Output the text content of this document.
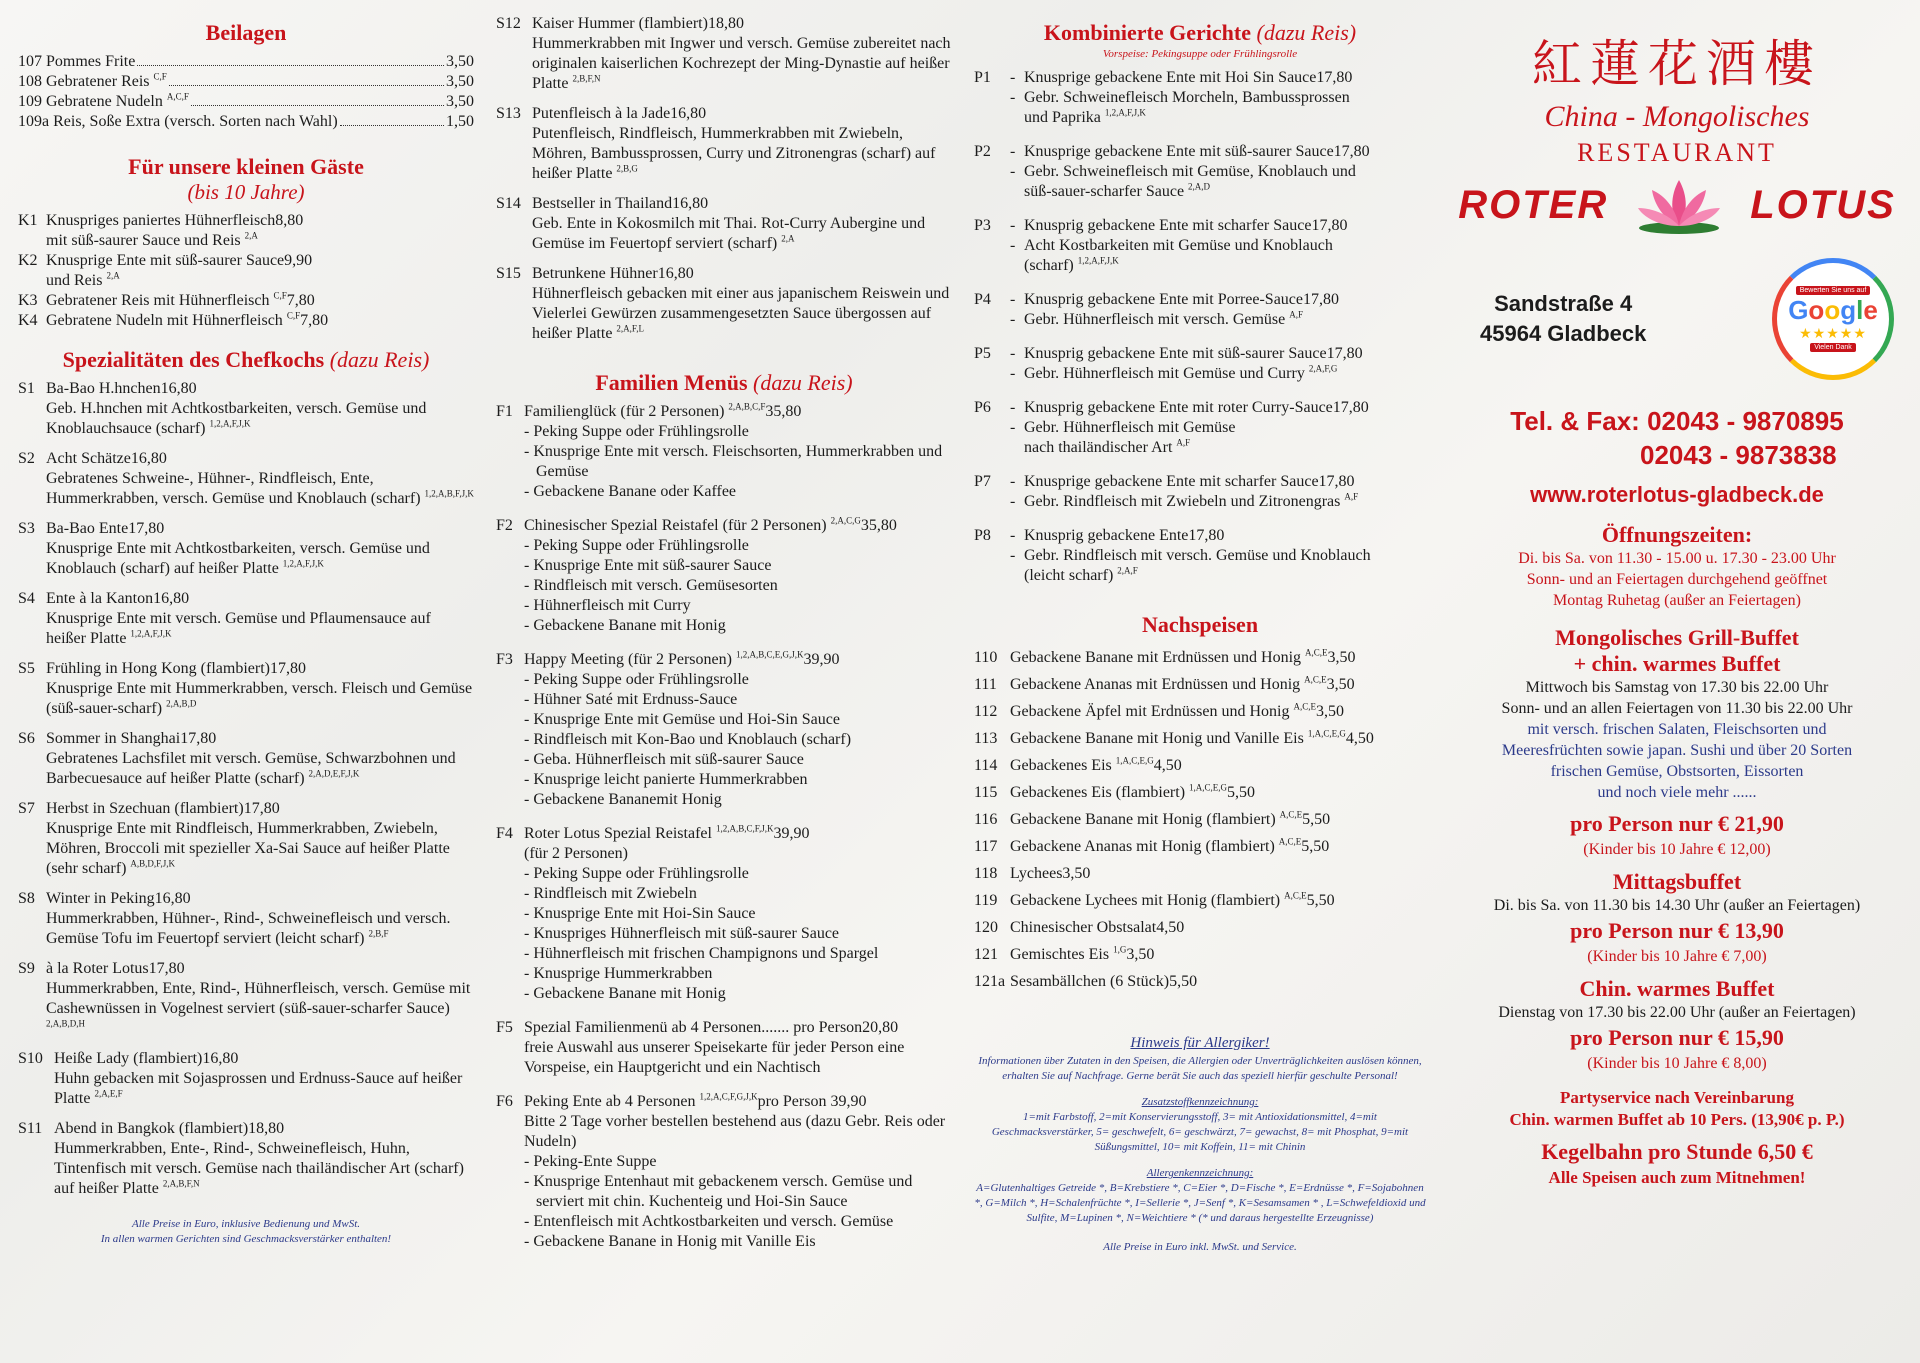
Beilagen
107 Pommes Frite	3,50
108 Gebratener Reis $^{C,F}$	3,50
109 Gebratene Nudeln $^{A,C,F}$	3,50
109a Reis, Soße Extra (versch. Sorten nach Wahl)	1,50
Für unsere kleinen Gäste
(bis 10 Jahre)
K1 Knuspriges paniertes Hühnerfleisch 8,80
mit süß-saurer Sauce und Reis $^{2,A}$
K2 Knusprige Ente mit süß-saurer Sauce 9,90
und Reis $^{2,A}$
K3 Gebratener Reis mit Hühnerfleisch $^{C,F}$ 7,80
K4 Gebratene Nudeln mit Hühnerfleisch $^{C,F}$ 7,80
Spezialitäten des Chefkochs (dazu Reis)
S1 Ba-Bao H.hnchen 16,80
Geb. H.hnchen mit Achtkostbarkeiten, versch. Gemüse und Knoblauchsauce (scharf) $^{1,2,A,F,J,K}$
S2 Acht Schätze 16,80
Gebratenes Schweine-, Hühner-, Rindfleisch, Ente, Hummerkrabben, versch. Gemüse und Knoblauch (scharf) $^{1,2,A,B,F,J,K}$
S3 Ba-Bao Ente 17,80
Knusprige Ente mit Achtkostbarkeiten, versch. Gemüse und Knoblauch (scharf) auf heißer Platte $^{1,2,A,F,J,K}$
S4 Ente à la Kanton 16,80
Knusprige Ente mit versch. Gemüse und Pflaumensauce auf heißer Platte $^{1,2,A,F,J,K}$
S5 Frühling in Hong Kong (flambiert) 17,80
Knusprige Ente mit Hummerkrabben, versch. Fleisch und Gemüse (süß-sauer-scharf) $^{2,A,B,D}$
S6 Sommer in Shanghai 17,80
Gebratenes Lachsfilet mit versch. Gemüse, Schwarzbohnen und Barbecuesauce auf heißer Platte (scharf) $^{2,A,D,E,F,J,K}$
S7 Herbst in Szechuan (flambiert) 17,80
Knusprige Ente mit Rindfleisch, Hummerkrabben, Zwiebeln, Möhren, Broccoli mit spezieller Xa-Sai Sauce auf heißer Platte (sehr scharf) $^{A,B,D,F,J,K}$
S8 Winter in Peking 16,80
Hummerkrabben, Hühner-, Rind-, Schweinefleisch und versch. Gemüse Tofu im Feuertopf serviert (leicht scharf) $^{2,B,F}$
S9 à la Roter Lotus 17,80
Hummerkrabben, Ente, Rind-, Hühnerfleisch, versch. Gemüse mit Cashewnüssen in Vogelnest serviert (süß-sauer-scharfer Sauce) $^{2,A,B,D,H}$
S10 Heiße Lady (flambiert) 16,80
Huhn gebacken mit Sojasprossen und Erdnuss-Sauce auf heißer Platte $^{2,A,E,F}$
S11 Abend in Bangkok (flambiert) 18,80
Hummerkrabben, Ente-, Rind-, Schweinefleisch, Huhn, Tintenfisch mit versch. Gemüse nach thailändischer Art (scharf) auf heißer Platte $^{2,A,B,F,N}$
Alle Preise in Euro, inklusive Bedienung und MwSt.
In allen warmen Gerichten sind Geschmacksverstärker enthalten!
S12 Kaiser Hummer (flambiert) 18,80
Hummerkrabben mit Ingwer und versch. Gemüse zubereitet nach originalen kaiserlichen Kochrezept der Ming-Dynastie auf heißer Platte $^{2,B,F,N}$
S13 Putenfleisch à la Jade 16,80
Putenfleisch, Rindfleisch, Hummerkrabben mit Zwiebeln, Möhren, Bambussprossen, Curry und Zitronengras (scharf) auf heißer Platte $^{2,B,G}$
S14 Bestseller in Thailand 16,80
Geb. Ente in Kokosmilch mit Thai. Rot-Curry Aubergine und Gemüse im Feuertopf serviert (scharf) $^{2,A}$
S15 Betrunkene Hühner 16,80
Hühnerfleisch gebacken mit einer aus japanischem Reiswein und Vielerlei Gewürzen zusammengesetzten Sauce übergossen auf heißer Platte $^{2,A,F,L}$
Familien Menüs (dazu Reis)
F1 Familienglück (für 2 Personen) $^{2,A,B,C,F}$ 35,80
- Peking Suppe oder Frühlingsrolle
- Knusprige Ente mit versch. Fleischsorten, Hummerkrabben und Gemüse
- Gebackene Banane oder Kaffee
F2 Chinesischer Spezial Reistafel (für 2 Personen) $^{2,A,C,G}$ 35,80
- Peking Suppe oder Frühlingsrolle
- Knusprige Ente mit süß-saurer Sauce
- Rindfleisch mit versch. Gemüsesorten
- Hühnerfleisch mit Curry
- Gebackene Banane mit Honig
F3 Happy Meeting (für 2 Personen) $^{1,2,A,B,C,E,G,J,K}$ 39,90
- Peking Suppe oder Frühlingsrolle
- Hühner Saté mit Erdnuss-Sauce
- Knusprige Ente mit Gemüse und Hoi-Sin Sauce
- Rindfleisch mit Kon-Bao und Knoblauch (scharf)
- Geba. Hühnerfleisch mit süß-saurer Sauce
- Knusprige leicht panierte Hummerkrabben
- Gebackene Bananemit Honig
F4 Roter Lotus Spezial Reistafel $^{1,2,A,B,C,F,J,K}$ 39,90
(für 2 Personen)
- Peking Suppe oder Frühlingsrolle
- Rindfleisch mit Zwiebeln
- Knusprige Ente mit Hoi-Sin Sauce
- Knuspriges Hühnerfleisch mit süß-saurer Sauce
- Hühnerfleisch mit frischen Champignons und Spargel
- Knusprige Hummerkrabben
- Gebackene Banane mit Honig
F5 Spezial Familienmenü ab 4 Personen....... pro Person 20,80
freie Auswahl aus unserer Speisekarte für jeder Person eine Vorspeise, ein Hauptgericht und ein Nachtisch
F6 Peking Ente ab 4 Personen $^{1,2,A,C,F,G,J,K}$ pro Person 39,90
Bitte 2 Tage vorher bestellen bestehend aus (dazu Gebr. Reis oder Nudeln)
- Peking-Ente Suppe
- Knusprige Entenhaut mit gebackenem versch. Gemüse und serviert mit chin. Kuchenteig und Hoi-Sin Sauce
- Entenfleisch mit Achtkostbarkeiten und versch. Gemüse
- Gebackene Banane in Honig mit Vanille Eis
Kombinierte Gerichte (dazu Reis)
Vorspeise: Pekingsuppe oder Frühlingsrolle
P1	- Knusprige gebackene Ente mit Hoi Sin Sauce 17,80
- Gebr. Schweinefleisch Morcheln, Bambussprossen
und Paprika $^{1,2,A,F,J,K}$
P2	- Knusprige gebackene Ente mit süß-saurer Sauce 17,80
- Gebr. Schweinefleisch mit Gemüse, Knoblauch und
süß-sauer-scharfer Sauce $^{2,A,D}$
P3	- Knusprig gebackene Ente mit scharfer Sauce 17,80
- Acht Kostbarkeiten mit Gemüse und Knoblauch
(scharf) $^{1,2,A,F,J,K}$
P4	- Knusprig gebackene Ente mit Porree-Sauce 17,80
- Gebr. Hühnerfleisch mit versch. Gemüse $^{A,F}$
P5	- Knusprig gebackene Ente mit süß-saurer Sauce 17,80
- Gebr. Hühnerfleisch mit Gemüse und Curry $^{2,A,F,G}$
P6	- Knusprig gebackene Ente mit roter Curry-Sauce 17,80
- Gebr. Hühnerfleisch mit Gemüse
nach thailändischer Art $^{A,F}$
P7	- Knusprige gebackene Ente mit scharfer Sauce 17,80
- Gebr. Rindfleisch mit Zwiebeln und Zitronengras $^{A,F}$
P8	- Knusprig gebackene Ente 17,80
- Gebr. Rindfleisch mit versch. Gemüse und Knoblauch
(leicht scharf) $^{2,A,F}$
Nachspeisen
110 Gebackene Banane mit Erdnüssen und Honig $^{A,C,E}$ 3,50
111 Gebackene Ananas mit Erdnüssen und Honig $^{A,C,E}$ 3,50
112 Gebackene Äpfel mit Erdnüssen und Honig $^{A,C,E}$ 3,50
113 Gebackene Banane mit Honig und Vanille Eis $^{1,A,C,E,G}$ 4,50
114 Gebackenes Eis $^{1,A,C,E,G}$ 4,50
115 Gebackenes Eis (flambiert) $^{1,A,C,E,G}$ 5,50
116 Gebackene Banane mit Honig (flambiert) $^{A,C,E}$ 5,50
117 Gebackene Ananas mit Honig (flambiert) $^{A,C,E}$ 5,50
118 Lychees 3,50
119 Gebackene Lychees mit Honig (flambiert) $^{A,C,E}$ 5,50
120 Chinesischer Obstsalat 4,50
121 Gemischtes Eis $^{1,G}$ 3,50
121a Sesambällchen (6 Stück) 5,50
Hinweis für Allergiker!
Informationen über Zutaten in den Speisen, die Allergien oder Unverträglichkeiten auslösen können, erhalten Sie auf Nachfrage. Gerne berät Sie auch das speziell hierfür geschulte Personal!
Zusatzstoffkennzeichnung:
1=mit Farbstoff, 2=mit Konservierungsstoff, 3= mit Antioxidationsmittel, 4=mit Geschmacksverstärker, 5= geschwefelt, 6= geschwärzt, 7= gewachst, 8= mit Phosphat, 9=mit Süßungsmittel, 10= mit Koffein, 11= mit Chinin
Allergenkennzeichnung:
A=Glutenhaltiges Getreide *, B=Krebstiere *, C=Eier *, D=Fische *, E=Erdnüsse *, F=Sojabohnen *, G=Milch *, H=Schalenfrüchte *, I=Sellerie *, J=Senf *, K=Sesamsamen * , L=Schwefeldioxid und Sulfite, M=Lupinen *, N=Weichtiere * (* und daraus hergestellte Erzeugnisse)
Alle Preise in Euro inkl. MwSt. und Service.
紅蓮花酒樓
China - Mongolisches
RESTAURANT
ROTER	LOTUS
Sandstraße 4
45964 Gladbeck
Bewerten Sie uns auf
Google
★★★★★
Vielen Dank
Tel. & Fax: 02043 - 9870895
02043 - 9873838
www.roterlotus-gladbeck.de
Öffnungszeiten:
Di. bis Sa. von 11.30 - 15.00 u. 17.30 - 23.00 Uhr
Sonn- und an Feiertagen durchgehend geöffnet
Montag Ruhetag (außer an Feiertagen)
Mongolisches Grill-Buffet
+ chin. warmes Buffet
Mittwoch bis Samstag von 17.30 bis 22.00 Uhr
Sonn- und an allen Feiertagen von 11.30 bis 22.00 Uhr
mit versch. frischen Salaten, Fleischsorten und
Meeresfrüchten sowie japan. Sushi und über 20 Sorten
frischen Gemüse, Obstsorten, Eissorten
und noch viele mehr ......
pro Person nur € 21,90
(Kinder bis 10 Jahre € 12,00)
Mittagsbuffet
Di. bis Sa. von 11.30 bis 14.30 Uhr (außer an Feiertagen)
pro Person nur € 13,90
(Kinder bis 10 Jahre € 7,00)
Chin. warmes Buffet
Dienstag von 17.30 bis 22.00 Uhr (außer an Feiertagen)
pro Person nur € 15,90
(Kinder bis 10 Jahre € 8,00)
Partyservice nach Vereinbarung
Chin. warmen Buffet ab 10 Pers. (13,90€ p. P.)
Kegelbahn pro Stunde 6,50 €
Alle Speisen auch zum Mitnehmen!
